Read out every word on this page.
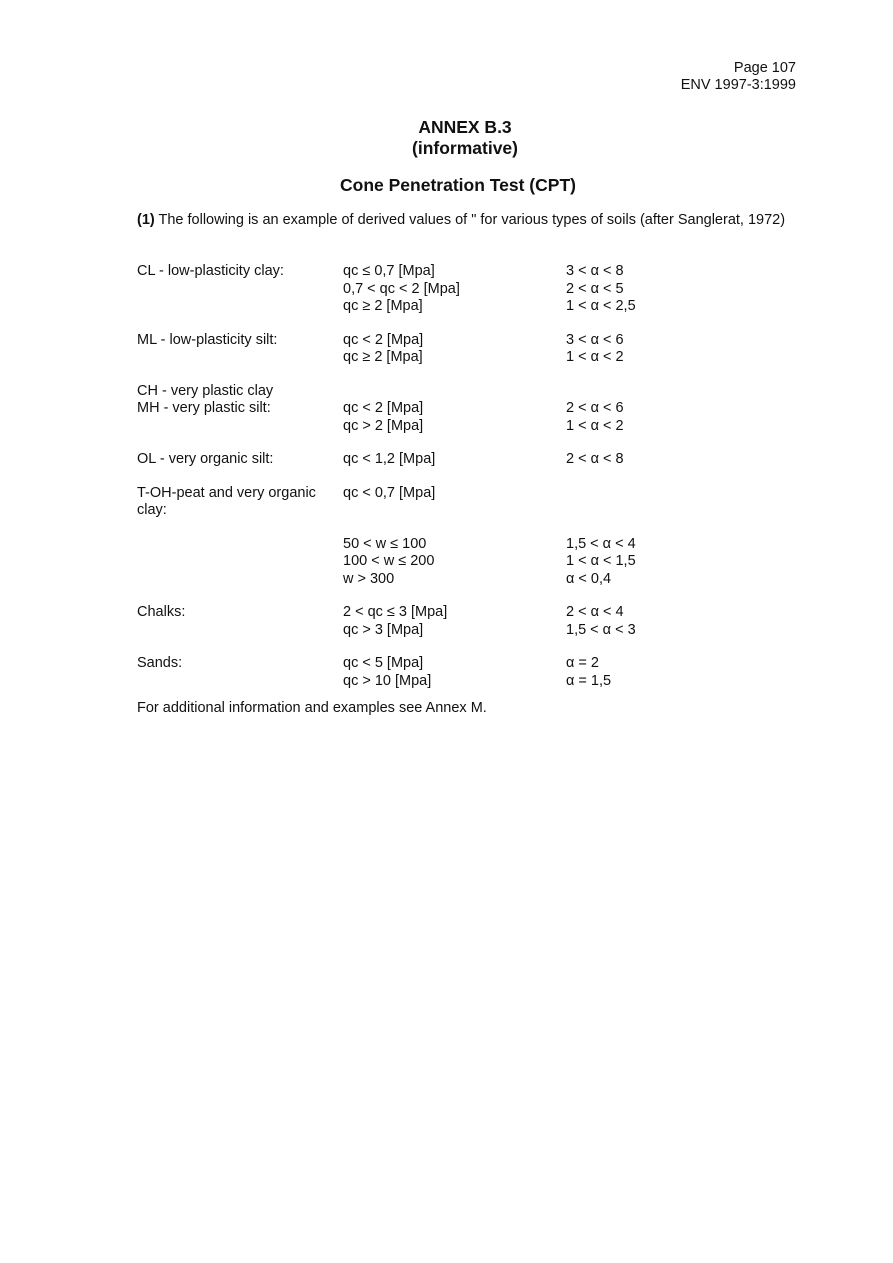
Page 107
ENV 1997-3:1999
ANNEX B.3
(informative)
Cone Penetration Test (CPT)
(1) The following is an example of derived values of " for various types of soils (after Sanglerat, 1972)
CL - low-plasticity clay:	qᴄ ≤ 0,7 [Mpa]	3 < α < 8
0,7 < qᴄ < 2 [Mpa]	2 < α < 5
qᴄ ≥ 2 [Mpa]	1 < α < 2,5
ML - low-plasticity silt:	qᴄ < 2 [Mpa]	3 < α < 6
qᴄ ≥ 2 [Mpa]	1 < α < 2
CH - very plastic clay
MH - very plastic silt:	qᴄ < 2 [Mpa]	2 < α < 6
qᴄ > 2 [Mpa]	1 < α < 2
OL - very organic silt:	qᴄ < 1,2 [Mpa]	2 < α < 8
T-OH-peat and very organic	qᴄ < 0,7 [Mpa]
clay:
50 < w ≤ 100	1,5 < α < 4
100 < w ≤ 200	1 < α < 1,5
w > 300	α < 0,4
Chalks:	2 < qᴄ ≤ 3 [Mpa]	2 < α < 4
qᴄ > 3 [Mpa]	1,5 < α < 3
Sands:	qᴄ < 5 [Mpa]	α = 2
qᴄ > 10 [Mpa]	α = 1,5
For additional information and examples see Annex M.
